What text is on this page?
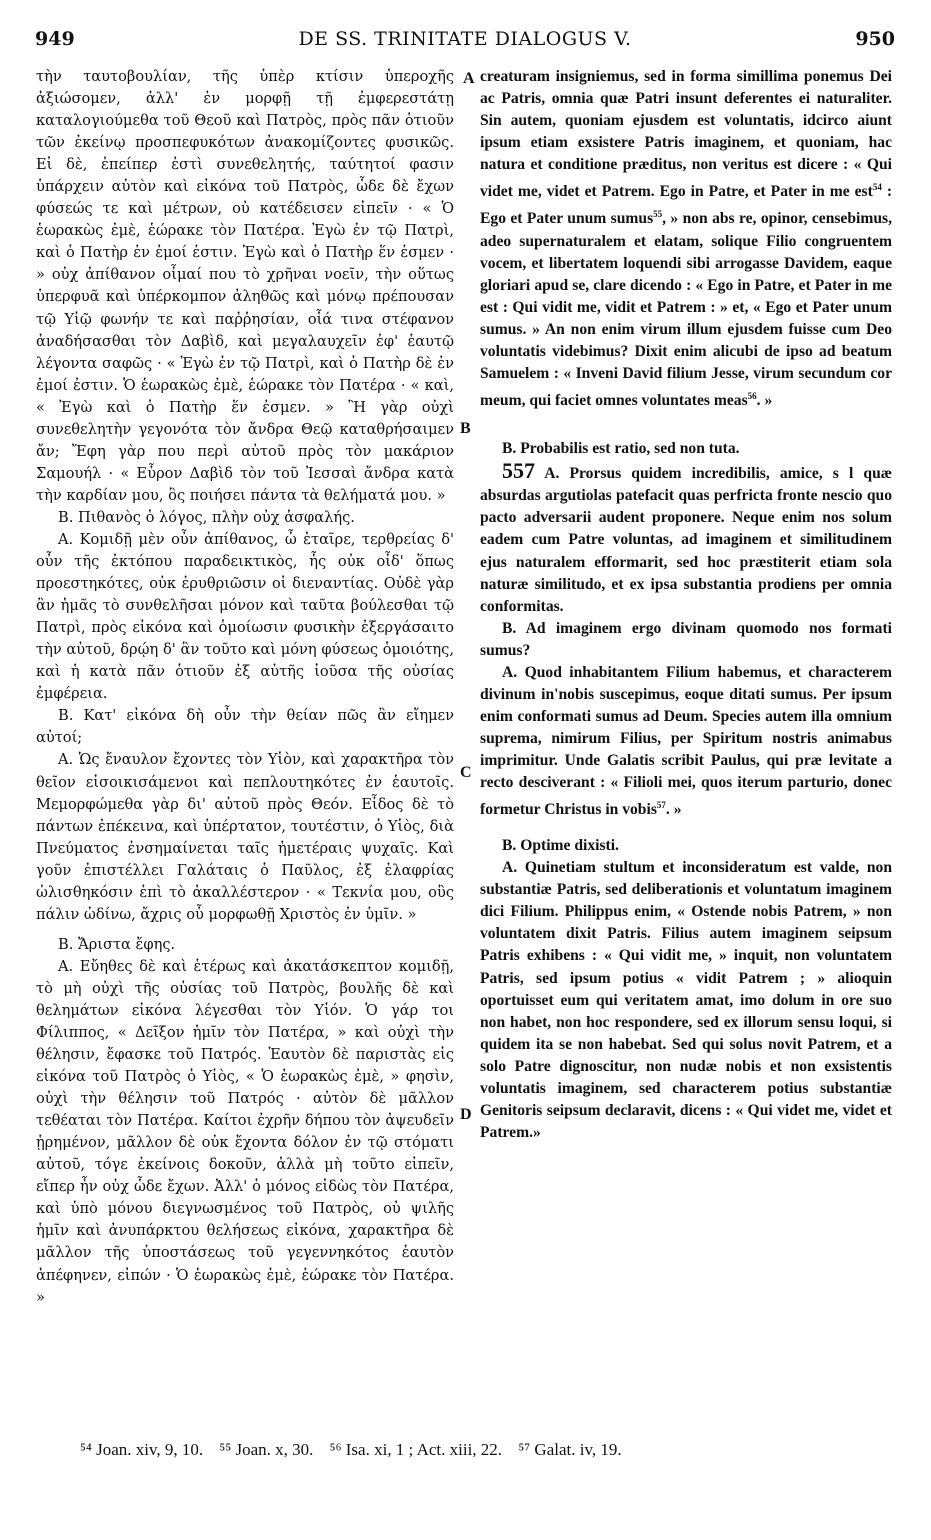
949	DE SS. TRINITATE DIALOGUS V.	950
A
B
C
D

τὴν ταυτοβουλίαν, τῆς ὑπὲρ κτίσιν ὑπεροχῆς ἀξιώσομεν, ἀλλ' ἐν μορφῇ τῇ ἐμφερεστάτῃ καταλογιούμεθα τοῦ Θεοῦ καὶ Πατρὸς, πρὸς πᾶν ὁτιοῦν τῶν ἐκείνῳ προσπεφυκότων ἀνακομίζοντες φυσικῶς. Εἰ δὲ, ἐπείπερ ἐστὶ συνεθελητής, ταύτητοί φασιν ὑπάρχειν αὐτὸν καὶ εἰκόνα τοῦ Πατρὸς, ὧδε δὲ ἔχων φύσεώς τε καὶ μέτρων, οὐ κατέδεισεν εἰπεῖν · « Ὁ ἑωρακὼς ἐμὲ, ἑώρακε τὸν Πατέρα. Ἐγὼ ἐν τῷ Πατρὶ, καὶ ὁ Πατὴρ ἐν ἐμοί ἐστιν. Ἐγὼ καὶ ὁ Πατὴρ ἕν ἐσμεν · » οὐχ ἀπίθανον οἶμαί που τὸ χρῆναι νοεῖν, τὴν οὕτως ὑπερφυᾶ καὶ ὑπέρκομπον ἀληθῶς καὶ μόνῳ πρέπουσαν τῷ Υἱῷ φωνήν τε καὶ παῤῥησίαν, οἷά τινα στέφανον ἀναδήσασθαι τὸν Δαβὶδ, καὶ μεγαλαυχεῖν ἐφ' ἑαυτῷ λέγοντα σαφῶς · « Ἐγὼ ἐν τῷ Πατρὶ, καὶ ὁ Πατὴρ δὲ ἐν ἐμοί ἐστιν. Ὁ ἑωρακὼς ἐμὲ, ἑώρακε τὸν Πατέρα · « καὶ, « Ἐγὼ καὶ ὁ Πατὴρ ἕν ἐσμεν. » Ἢ γὰρ οὐχὶ συνεθελητὴν γεγονότα τὸν ἄνδρα Θεῷ καταθρήσαιμεν ἄν; Ἔφη γὰρ που περὶ αὐτοῦ πρὸς τὸν μακάριον Σαμουήλ · « Εὗρον Δαβὶδ τὸν τοῦ Ἰεσσαὶ ἄνδρα κατὰ τὴν καρδίαν μου, ὃς ποιήσει πάντα τὰ θελήματά μου. »

B. Πιθανὸς ὁ λόγος, πλὴν οὐχ ἀσφαλής.

A. Κομιδῇ μὲν οὖν ἀπίθανος, ὦ ἑταῖρε, τερθρείας δ' οὖν τῆς ἐκτόπου παραδεικτικὸς, ἧς οὐκ οἶδ' ὅπως προεστηκότες, οὐκ ἐρυθριῶσιν οἱ διεναντίας. Οὐδὲ γὰρ ἂν ἡμᾶς τὸ συνθελῆσαι μόνον καὶ ταῦτα βούλεσθαι τῷ Πατρὶ, πρὸς εἰκόνα καὶ ὁμοίωσιν φυσικὴν ἐξεργάσαιτο τὴν αὐτοῦ, δρῴη δ' ἂν τοῦτο καὶ μόνη φύσεως ὁμοιότης, καὶ ἡ κατὰ πᾶν ὁτιοῦν ἐξ αὐτῆς ἰοῦσα τῆς οὐσίας ἐμφέρεια.

B. Κατ' εἰκόνα δὴ οὖν τὴν θείαν πῶς ἂν εἴημεν αὐτοί;

A. Ὡς ἔναυλον ἔχοντες τὸν Υἱὸν, καὶ χαρακτῆρα τὸν θεῖον εἰσοικισάμενοι καὶ πεπλουτηκότες ἐν ἑαυτοῖς. Μεμορφώμεθα γὰρ δι' αὐτοῦ πρὸς Θεόν. Εἶδος δὲ τὸ πάντων ἐπέκεινα, καὶ ὑπέρτατον, τουτέστιν, ὁ Υἱὸς, διὰ Πνεύματος ἐνσημαίνεται ταῖς ἡμετέραις ψυχαῖς. Καὶ γοῦν ἐπιστέλλει Γαλάταις ὁ Παῦλος, ἐξ ἐλαφρίας ὠλισθηκόσιν ἐπὶ τὸ ἀκαλλέστερον · « Τεκνία μου, οὓς πάλιν ὠδίνω, ἄχρις οὗ μορφωθῇ Χριστὸς ἐν ὑμῖν. »

B. Ἄριστα ἔφης.

A. Εὔηθες δὲ καὶ ἑτέρως καὶ ἀκατάσκεπτον κομιδῇ, τὸ μὴ οὐχὶ τῆς οὐσίας τοῦ Πατρὸς, βουλῆς δὲ καὶ θελημάτων εἰκόνα λέγεσθαι τὸν Υἱόν. Ὁ γάρ τοι Φίλιππος, « Δεῖξον ἡμῖν τὸν Πατέρα, » καὶ οὐχὶ τὴν θέλησιν, ἔφασκε τοῦ Πατρός. Ἑαυτὸν δὲ παριστὰς εἰς εἰκόνα τοῦ Πατρὸς ὁ Υἱὸς, « Ὁ ἑωρακὼς ἐμὲ, » φησὶν, οὐχὶ τὴν θέλησιν τοῦ Πατρός · αὐτὸν δὲ μᾶλλον τεθέαται τὸν Πατέρα. Καίτοι ἐχρῆν δήπου τὸν ἀψευδεῖν ᾑρημένον, μᾶλλον δὲ οὐκ ἔχοντα δόλον ἐν τῷ στόματι αὐτοῦ, τόγε ἐκείνοις δοκοῦν, ἀλλὰ μὴ τοῦτο εἰπεῖν, εἴπερ ἦν οὐχ ὧδε ἔχων. Ἀλλ' ὁ μόνος εἰδὼς τὸν Πατέρα, καὶ ὑπὸ μόνου διεγνωσμένος τοῦ Πατρὸς, οὐ ψιλῆς ἡμῖν καὶ ἀνυπάρκτου θελήσεως εἰκόνα, χαρακτῆρα δὲ μᾶλλον τῆς ὑποστάσεως τοῦ γεγεννηκότος ἑαυτὸν ἀπέφηνεν, εἰπών · Ὁ ἑωρακὼς ἐμὲ, ἑώρακε τὸν Πατέρα. »

creaturam insigniemus, sed in forma simillima ponemus Dei ac Patris, omnia quæ Patri insunt deferentes ei naturaliter. Sin autem, quoniam ejusdem est voluntatis, idcirco aiunt ipsum etiam exsistere Patris imaginem, et quoniam, hac natura et conditione præditus, non veritus est dicere : « Qui videt me, videt et Patrem. Ego in Patre, et Pater in me est$^{54}$ : Ego et Pater unum sumus$^{55}$, » non abs re, opinor, censebimus, adeo supernaturalem et elatam, solique Filio congruentem vocem, et libertatem loquendi sibi arrogasse Davidem, eaque gloriari apud se, clare dicendo : « Ego in Patre, et Pater in me est : Qui vidit me, vidit et Patrem : » et, « Ego et Pater unum sumus. » An non enim virum illum ejusdem fuisse cum Deo voluntatis videbimus? Dixit enim alicubi de ipso ad beatum Samuelem : « Inveni David filium Jesse, virum secundum cor meum, qui faciet omnes voluntates meas$^{56}$. »

B. Probabilis est ratio, sed non tuta.

557 A. Prorsus quidem incredibilis, amice, s l quæ absurdas argutiolas patefacit quas perfricta fronte nescio quo pacto adversarii audent proponere. Neque enim nos solum eadem cum Patre voluntas, ad imaginem et similitudinem ejus naturalem efformarit, sed hoc præstiterit etiam sola naturæ similitudo, et ex ipsa substantia prodiens per omnia conformitas.

B. Ad imaginem ergo divinam quomodo nos formati sumus?

A. Quod inhabitantem Filium habemus, et characterem divinum in'nobis suscepimus, eoque ditati sumus. Per ipsum enim conformati sumus ad Deum. Species autem illa omnium suprema, nimirum Filius, per Spiritum nostris animabus imprimitur. Unde Galatis scribit Paulus, qui præ levitate a recto desciverant : « Filioli mei, quos iterum parturio, donec formetur Christus in vobis$^{57}$. »

B. Optime dixisti.

A. Quinetiam stultum et inconsideratum est valde, non substantiæ Patris, sed deliberationis et voluntatum imaginem dici Filium. Philippus enim, « Ostende nobis Patrem, » non voluntatem dixit Patris. Filius autem imaginem seipsum Patris exhibens : « Qui vidit me, » inquit, non voluntatem Patris, sed ipsum potius « vidit Patrem ; » alioquin oportuisset eum qui veritatem amat, imo dolum in ore suo non habet, non hoc respondere, sed ex illorum sensu loqui, si quidem ita se non habebat. Sed qui solus novit Patrem, et a solo Patre dignoscitur, non nudæ nobis et non exsistentis voluntatis imaginem, sed characterem potius substantiæ Genitoris seipsum declaravit, dicens : « Qui videt me, videt et Patrem.»

⁵⁴ Joan. xiv, 9, 10. ⁵⁵ Joan. x, 30. ⁵⁶ Isa. xi, 1 ; Act. xiii, 22. ⁵⁷ Galat. iv, 19.
